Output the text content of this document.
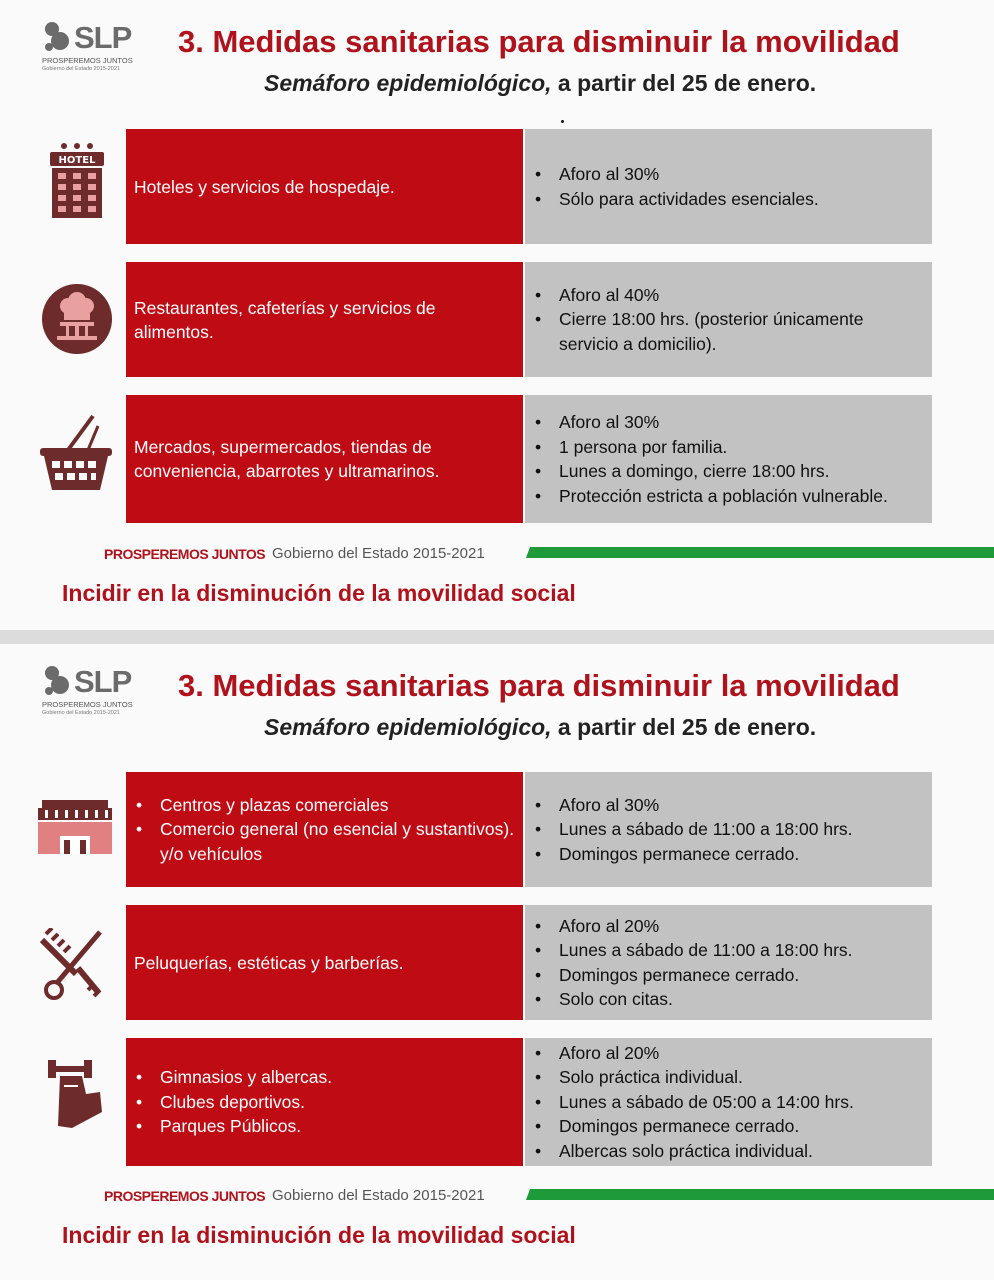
SLP
PROSPEREMOS JUNTOS
Gobierno del Estado 2015-2021
3. Medidas sanitarias para disminuir la movilidad
Semáforo epidemiológico, a partir del 25 de enero.
HOTEL
Hoteles y servicios de hospedaje.
• Aforo al 30%
• Sólo para actividades esenciales.
Restaurantes, cafeterías y servicios de alimentos.
• Aforo al 40%
• Cierre 18:00 hrs. (posterior únicamente servicio a domicilio).
Mercados, supermercados, tiendas de conveniencia, abarrotes y ultramarinos.
• Aforo al 30%
• 1 persona por familia.
• Lunes a domingo, cierre 18:00 hrs.
• Protección estricta a población vulnerable.
PROSPEREMOS JUNTOS Gobierno del Estado 2015-2021
Incidir en la disminución de la movilidad social
SLP
PROSPEREMOS JUNTOS
Gobierno del Estado 2015-2021
3. Medidas sanitarias para disminuir la movilidad
Semáforo epidemiológico, a partir del 25 de enero.
• Centros y plazas comerciales
• Comercio general (no esencial y sustantivos). y/o vehículos
• Aforo al 30%
• Lunes a sábado de 11:00 a 18:00 hrs.
• Domingos permanece cerrado.
Peluquerías, estéticas y barberías.
• Aforo al 20%
• Lunes a sábado de 11:00 a 18:00 hrs.
• Domingos permanece cerrado.
• Solo con citas.
• Gimnasios y albercas.
• Clubes deportivos.
• Parques Públicos.
• Aforo al 20%
• Solo práctica individual.
• Lunes a sábado de 05:00 a 14:00 hrs.
• Domingos permanece cerrado.
• Albercas solo práctica individual.
PROSPEREMOS JUNTOS Gobierno del Estado 2015-2021
Incidir en la disminución de la movilidad social
